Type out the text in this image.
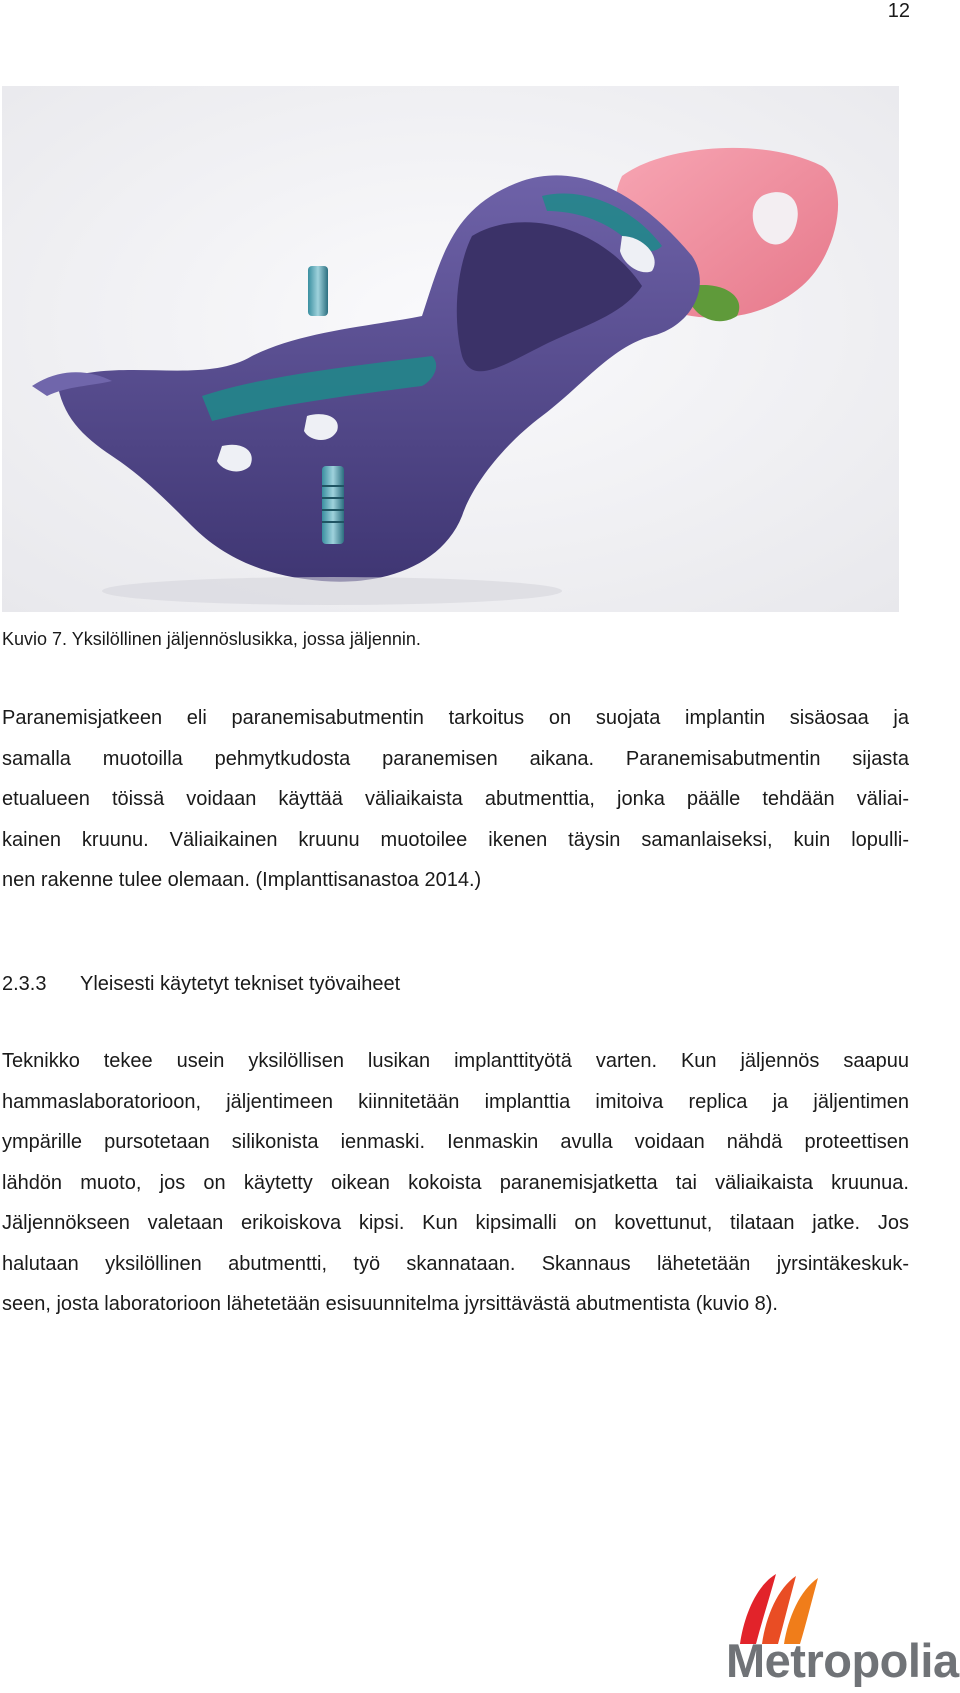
12
Kuvio 7. Yksilöllinen jäljennöslusikka, jossa jäljennin.
Paranemisjatkeen eli paranemisabutmentin tarkoitus on suojata implantin sisäosaa ja
samalla muotoilla pehmytkudosta paranemisen aikana. Paranemisabutmentin sijasta
etualueen töissä voidaan käyttää väliaikaista abutmenttia, jonka päälle tehdään väliai-
kainen kruunu. Väliaikainen kruunu muotoilee ikenen täysin samanlaiseksi, kuin lopulli-
nen rakenne tulee olemaan. (Implanttisanastoa 2014.)
2.3.3 Yleisesti käytetyt tekniset työvaiheet
Teknikko tekee usein yksilöllisen lusikan implanttityötä varten. Kun jäljennös saapuu
hammaslaboratorioon, jäljentimeen kiinnitetään implanttia imitoiva replica ja jäljentimen
ympärille pursotetaan silikonista ienmaski. Ienmaskin avulla voidaan nähdä proteettisen
lähdön muoto, jos on käytetty oikean kokoista paranemisjatketta tai väliaikaista kruunua.
Jäljennökseen valetaan erikoiskova kipsi. Kun kipsimalli on kovettunut, tilataan jatke. Jos
halutaan yksilöllinen abutmentti, työ skannataan. Skannaus lähetetään jyrsintäkeskuk-
seen, josta laboratorioon lähetetään esisuunnitelma jyrsittävästä abutmentista (kuvio 8).
Metropolia
